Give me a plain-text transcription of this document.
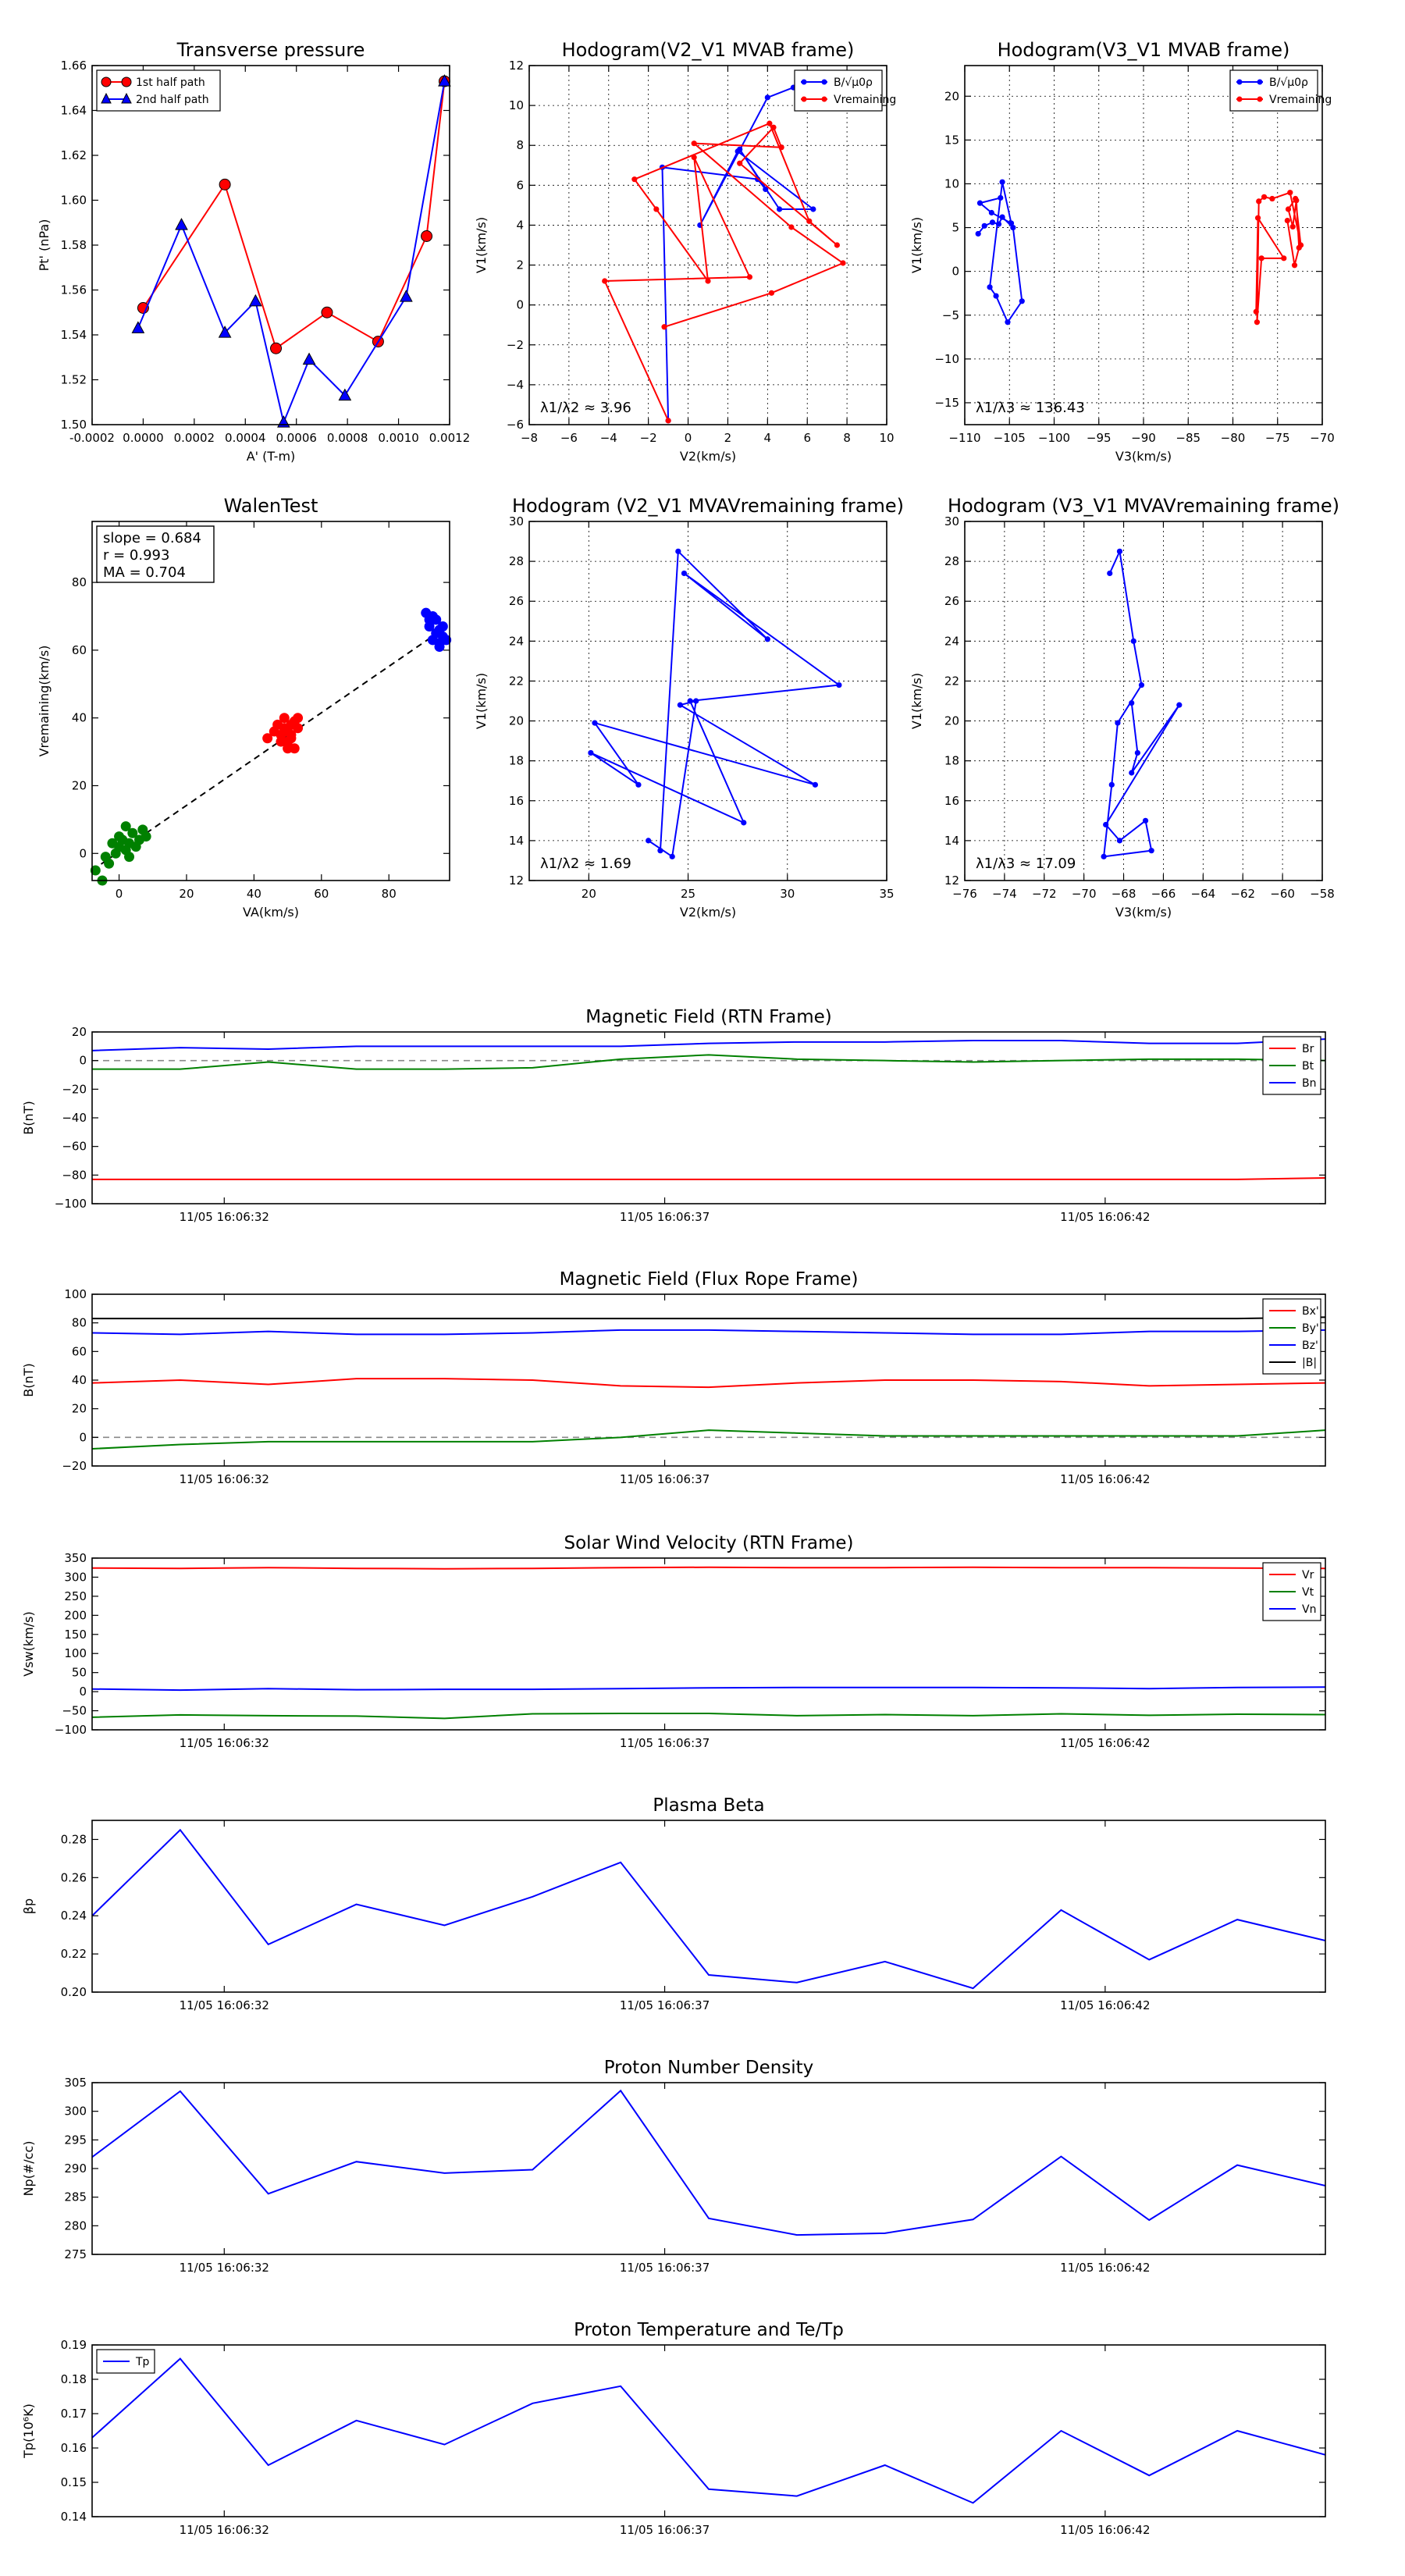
1.50
1.52
1.54
1.56
1.58
1.60
1.62
1.64
1.66
-0.0002 0.0000 0.0002 0.0004 0.0006 0.0008 0.0010 0.0012
Transverse pressure
A' (T-m)
Pt' (nPa)
1st half path
2nd half path
−6
−4
−2
0
2
4
6
8
10
12
−8 −6 −4 −2 0	2	4	6	8 10
Hodogram(V2_V1 MVAB frame)
V2(km/s)
V1(km/s)
λ1/λ2 ≈ 3.96
B/√μ0ρ
Vremaining
−15
−10
−5
0
5
10
15
20
−110 −105 −100 −95 −90 −85 −80 −75 −70
Hodogram(V3_V1 MVAB frame)
V3(km/s)
V1(km/s)
λ1/λ3 ≈ 136.43
B/√μ0ρ
Vremaining
0
20
40
60
80
0	20	40	60	80
WalenTest
VA(km/s)
Vremaining(km/s)
slope = 0.684
r = 0.993
MA = 0.704
12
14
16
18
20
22
24
26
28
30
20	25	30	35
Hodogram (V2_V1 MVAVremaining frame)
V2(km/s)
V1(km/s)
λ1/λ2 ≈ 1.69
12
14
16
18
20
22
24
26
28
30
−76 −74 −72 −70 −68 −66 −64 −62 −60 −58
Hodogram (V3_V1 MVAVremaining frame)
V3(km/s)
V1(km/s)
λ1/λ3 ≈ 17.09
−100
−80
−60
−40
−20
0
20
11/05 16:06:32	11/05 16:06:37	11/05 16:06:42
Magnetic Field (RTN Frame)
B(nT)
Br
Bt
Bn
−20
0
20
40
60
80
100
11/05 16:06:32	11/05 16:06:37	11/05 16:06:42
Magnetic Field (Flux Rope Frame)
B(nT)
Bx'
By'
Bz'
|B|
−100
−50
0
50
100
150
200
250
300
350
11/05 16:06:32	11/05 16:06:37	11/05 16:06:42
Solar Wind Velocity (RTN Frame)
Vsw(km/s)
Vr
Vt
Vn
0.20
0.22
0.24
0.26
0.28
11/05 16:06:32	11/05 16:06:37	11/05 16:06:42
Plasma Beta
βp
275
280
285
290
295
300
305
11/05 16:06:32	11/05 16:06:37	11/05 16:06:42
Proton Number Density
Np(#/cc)
0.14
0.15
0.16
0.17
0.18
0.19
11/05 16:06:32	11/05 16:06:37	11/05 16:06:42
Proton Temperature and Te/Tp
Tp(10⁶K)
Tp
